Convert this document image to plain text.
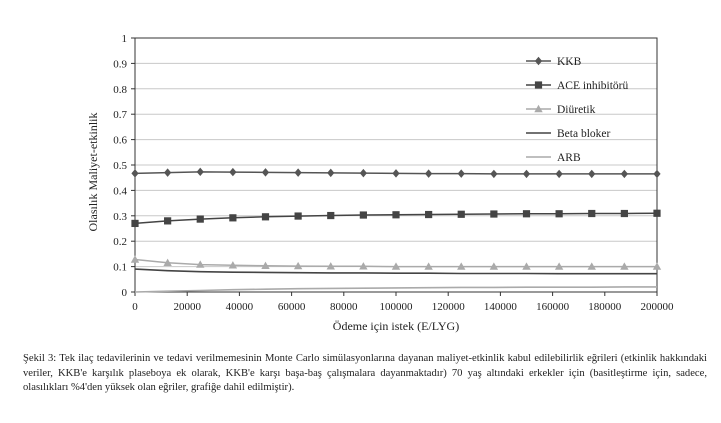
0
0.1
0.2
0.3
0.4
0.5
0.6
0.7
0.8
0.9
1
0	20000 40000 60000 80000 100000 120000 140000 160000 180000 200000
Ödeme için istek (E/LYG)
Olasılık Maliyet-etkinlik
KKB
ACE inhibitörü
Diüretik
Beta bloker
ARB

Şekil 3: Tek ilaç tedavilerinin ve tedavi verilmemesinin Monte Carlo simülasyonlarına dayanan maliyet-etkinlik kabul edilebilirlik eğrileri (etkinlik hakkındaki veriler, KKB'e karşılık plaseboya ek olarak, KKB'e karşı başa-baş çalışmalara dayanmaktadır) 70 yaş altındaki erkekler için (basitleştirme için, sadece, olasılıkları %4'den yüksek olan eğriler, grafiğe dahil edilmiştir).
